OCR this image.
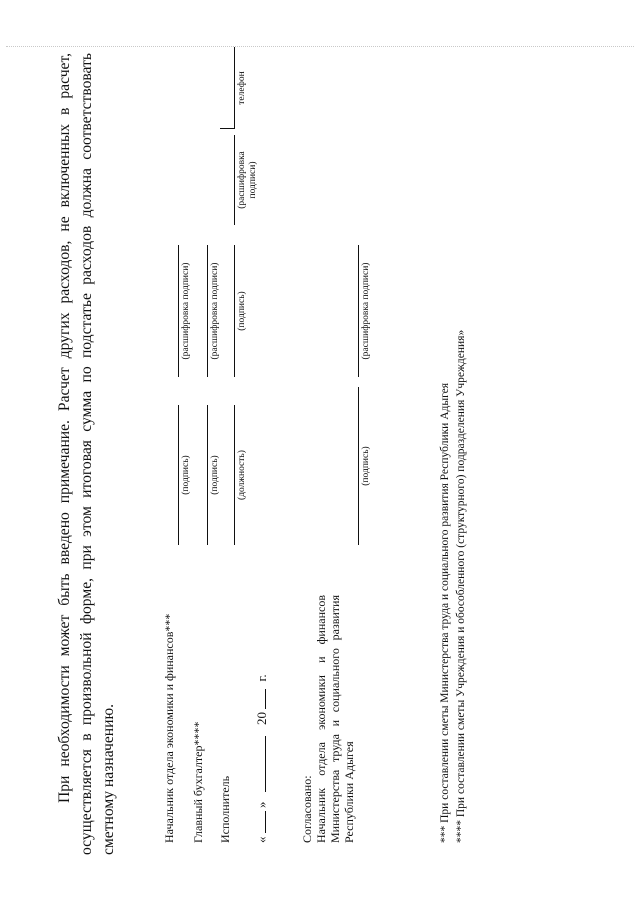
При необходимости может быть введено примечание. Расчет других расходов, не включенных в расчет, осуществляется в произвольной форме, при этом итоговая сумма по подстатье расходов должна соответствовать сметному назначению.	Начальник отдела экономики и финансов***
(подпись)
(расшифровка подписи)
Главный бухгалтер****
(подпись)
(расшифровка подписи)
Исполнитель
(должность)
(подпись)
(расшифровка подписи)
телефон
«  »  20  г.
Согласовано: Начальник отдела экономики и финансов Министерства труда и социального развития Республики Адыгея
(подпись)
(расшифровка подписи)
*** При составлении сметы Министерства труда и социального развития Республики Адыгея **** При составлении сметы Учреждения и обособленного (структурного) подразделения Учреждения»
